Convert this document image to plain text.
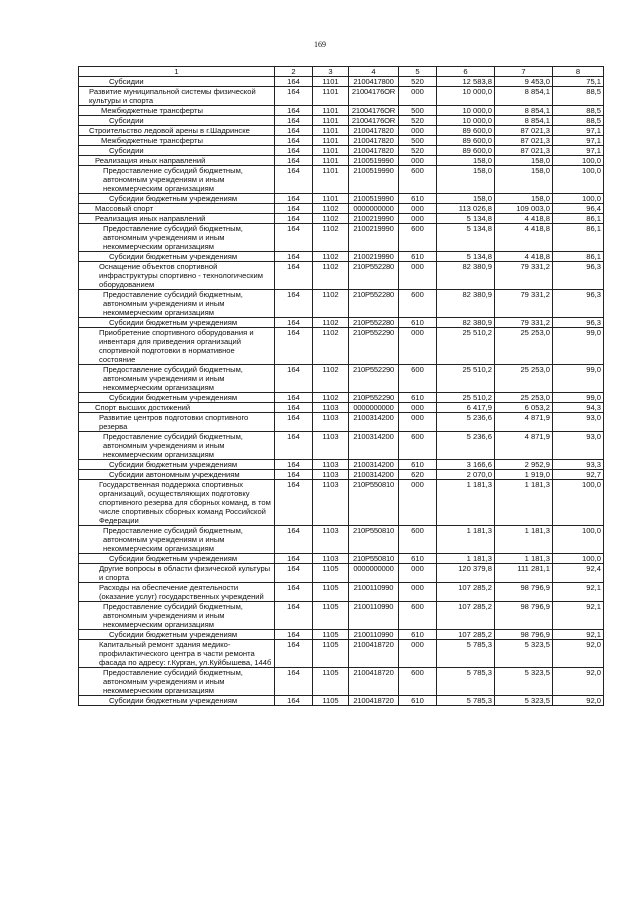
169
1	2	3	4	5	6	7	8
Субсидии	164	1101	2100417800	520	12 583,8	9 453,0	75,1
Развитие муниципальной системы физической культуры и спорта	164	1101	21004176OR	000	10 000,0	8 854,1	88,5
Межбюджетные трансферты	164	1101	21004176OR	500	10 000,0	8 854,1	88,5
Субсидии	164	1101	21004176OR	520	10 000,0	8 854,1	88,5
Строительство ледовой арены в г.Шадринске	164	1101	2100417820	000	89 600,0	87 021,3	97,1
Межбюджетные трансферты	164	1101	2100417820	500	89 600,0	87 021,3	97,1
Субсидии	164	1101	2100417820	520	89 600,0	87 021,3	97,1
Реализация иных направлений	164	1101	2100519990	000	158,0	158,0	100,0
Предоставление субсидий бюджетным, автономным учреждениям и иным некоммерческим организациям	164	1101	2100519990	600	158,0	158,0	100,0
Субсидии бюджетным учреждениям	164	1101	2100519990	610	158,0	158,0	100,0
Массовый спорт	164	1102	0000000000	000	113 026,8	109 003,0	96,4
Реализация иных направлений	164	1102	2100219990	000	5 134,8	4 418,8	86,1
Предоставление субсидий бюджетным, автономным учреждениям и иным некоммерческим организациям	164	1102	2100219990	600	5 134,8	4 418,8	86,1
Субсидии бюджетным учреждениям	164	1102	2100219990	610	5 134,8	4 418,8	86,1
Оснащение объектов спортивной инфраструктуры спортивно - технологическим оборудованием	164	1102	210P552280	000	82 380,9	79 331,2	96,3
Предоставление субсидий бюджетным, автономным учреждениям и иным некоммерческим организациям	164	1102	210P552280	600	82 380,9	79 331,2	96,3
Субсидии бюджетным учреждениям	164	1102	210P552280	610	82 380,9	79 331,2	96,3
Приобретение спортивного оборудования и инвентаря для приведения организаций спортивной подготовки в нормативное состояние	164	1102	210P552290	000	25 510,2	25 253,0	99,0
Предоставление субсидий бюджетным, автономным учреждениям и иным некоммерческим организациям	164	1102	210P552290	600	25 510,2	25 253,0	99,0
Субсидии бюджетным учреждениям	164	1102	210P552290	610	25 510,2	25 253,0	99,0
Спорт высших достижений	164	1103	0000000000	000	6 417,9	6 053,2	94,3
Развитие центров подготовки спортивного резерва	164	1103	2100314200	000	5 236,6	4 871,9	93,0
Предоставление субсидий бюджетным, автономным учреждениям и иным некоммерческим организациям	164	1103	2100314200	600	5 236,6	4 871,9	93,0
Субсидии бюджетным учреждениям	164	1103	2100314200	610	3 166,6	2 952,9	93,3
Субсидии автономным учреждениям	164	1103	2100314200	620	2 070,0	1 919,0	92,7
Государственная поддержка спортивных организаций, осуществляющих подготовку спортивного резерва для сборных команд, в том числе спортивных сборных команд Российской Федерации	164	1103	210P550810	000	1 181,3	1 181,3	100,0
Предоставление субсидий бюджетным, автономным учреждениям и иным некоммерческим организациям	164	1103	210P550810	600	1 181,3	1 181,3	100,0
Субсидии бюджетным учреждениям	164	1103	210P550810	610	1 181,3	1 181,3	100,0
Другие вопросы в области физической культуры и спорта	164	1105	0000000000	000	120 379,8	111 281,1	92,4
Расходы на обеспечение деятельности (оказание услуг) государственных учреждений	164	1105	2100110990	000	107 285,2	98 796,9	92,1
Предоставление субсидий бюджетным, автономным учреждениям и иным некоммерческим организациям	164	1105	2100110990	600	107 285,2	98 796,9	92,1
Субсидии бюджетным учреждениям	164	1105	2100110990	610	107 285,2	98 796,9	92,1
Капитальный ремонт здания медико-профилактического центра в части ремонта фасада по адресу: г.Курган, ул.Куйбышева, 144б	164	1105	2100418720	000	5 785,3	5 323,5	92,0
Предоставление субсидий бюджетным, автономным учреждениям и иным некоммерческим организациям	164	1105	2100418720	600	5 785,3	5 323,5	92,0
Субсидии бюджетным учреждениям	164	1105	2100418720	610	5 785,3	5 323,5	92,0
